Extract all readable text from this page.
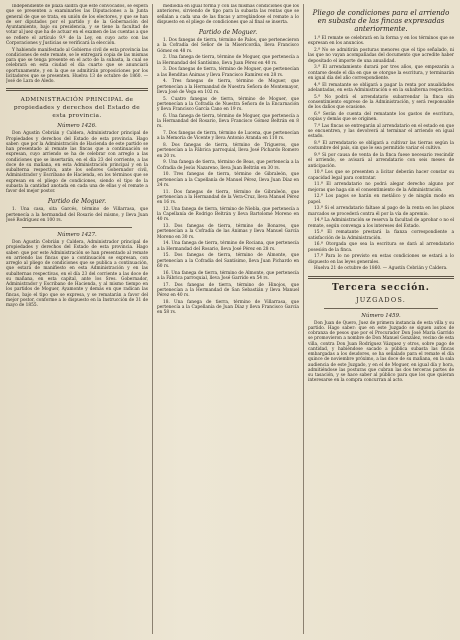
Independiente de plaza saldrá que este convocados, se espera que se presenten a examinarles las Diputaciones a la Junta general de que se trata, en unión de los electores, y que se han de ser diputados por el partido y de la Gobernación del Ayuntamiento, bajo su presidencia, y se tiene la facultad de votar al juez que ha de actuar en el examen de las cuentas a que se refiere el artículo 9.º de la Ley, en cuyo acto con las Corporaciones y Justicias se verificará la elección.

Y habiendo manifestado al Gobierno civil de esta provincia las condiciones de este remate, se le entregará copia de las mismas para que se tenga presente en el acto de la subasta, la cual se celebrará en esta ciudad el día cuarto que se anunciará oportunamente, y en la que se admitirán proposiciones por los licitadores que se presenten. Huelva 13 de octubre de 1860. — José de Lara de Aledo.

ADMINISTRACIÓN PRINCIPAL de propiedades y derechos del Estado de esta provincia.
Número 1426.

Don Agustín Cebrián y Caldera, Administrador principal de Propiedades y derechos del Estado de esta provincia. Hago saber: que por la Administración de Hacienda de este partido se han presentado al remate las fincas que a continuación se expresan, cuyo arriendo se ha de celebrar con arreglo a las condiciones que se insertarán, en el día 23 del corriente, a las doce de su mañana, en esta Administración principal y en la subalterna respectiva, ante los señores Gobernador civil, Administrador y Escribano de Hacienda, en los términos que se expresan en el pliego de condiciones, siendo el tipo de la subasta la cantidad anotada en cada una de ellas y el remate a favor del mejor postor.

Partido de Moguer.

1. Una casa, sita Garcés, término de Villarrasa, que pertenecía a la hermandad del Rosario del mismo, y lleva Juan José Rodríguez en 100 rs.

Número 1427.

Don Agustín Cebrián y Caldera, Administrador principal de propiedades y derechos del Estado de esta provincia. Hago saber: que por este Administración se han presentado al remate en arriendo las fincas que a continuación se expresan, con arreglo al pliego de condiciones que se publica a continuación, que estará de manifiesto en esta Administración y en las subalternas respectivas, en el día 23 del corriente a las doce de su mañana, en esta capital, ante los Sres. Gobernador, Administrador y Escribano de Hacienda, y al mismo tiempo en los partidos de Moguer, Ayamonte y demás en que radican las fincas, bajo el tipo que se expresa, y se rematarán a favor del mejor postor, conforme a lo dispuesto en la Instrucción de 31 de mayo de 1855.

mediodía en igual forma y con las mismas condiciones que los anteriores, sirviendo de tipo para la subasta las rentas que se señalan a cada una de las fincas y arreglándose el remate a lo dispuesto en el pliego de condiciones que al final se inserta.

Partido de Moguer.

1. Dos fanegas de tierra, término de Palos, que pertenecieron a la Cofradía del Señor de la Misericordia, lleva Francisco Gómez en 48 rs.

2. Una fanega de tierra, término de Moguer, que pertenecía a la Hermandad del Santísimo, lleva Juan Pérez en 40 rs.

3. Dos fanegas de tierra, término de Moguer, que pertenecían a las Benditas Ánimas y lleva Francisco Ramírez en 28 rs.

4. Tres fanegas de tierra, término de Moguer, que pertenecían a la Hermandad de Nuestra Señora de Montemayor, lleva José de Vega en 102 rs.

5. Cuatro fanegas de tierra, término de Moguer, que pertenecían a la Cofradía de Nuestra Señora de la Encarnación y lleva Francisco García Cano en 19 rs.

6. Una fanega de tierra, término de Moguer, que pertenecía a la Hermandad del Rosario, lleva Francisco Gómez Beltrán en 8 rs.

7. Dos fanegas de tierra, término de Lucena, que pertenecían a la Memoria de Vicente y lleva Antonio Aranda en 110 rs.

8. Dos fanegas de tierra, término de Trigueros, que pertenecían a la Fábrica parroquial, lleva José Pichardo Romero en 20 rs.

9. Una fanega de tierra, término de Beas, que pertenecía a la Cofradía de Jesús Nazareno, lleva Juan Beltrán en 30 rs.

10. Tres fanegas de tierra, término de Gibraleón, que pertenecían a la Capellanía de Manuel Pérez, lleva Juan Díaz en 24 rs.

11. Dos fanegas de tierra, término de Gibraleón, que pertenecían a la Hermandad de la Vera-Cruz, lleva Manuel Pérez en 16 rs.

12. Una fanega de tierra, término de Niebla, que pertenecía a la Capellanía de Rodrigo Beltrán y lleva Bartolomé Moreno en 40 rs.

13. Dos fanegas de tierra, término de Bonares, que pertenecían a la Cofradía de las Ánimas y lleva Manuel García Moreno en 30 rs.

14. Una fanega de tierra, término de Rociana, que pertenecía a la Hermandad del Rosario, lleva José Pérez en 28 rs.

15. Dos fanegas de tierra, término de Almonte, que pertenecían a la Cofradía del Santísimo, lleva Juan Pichardo en 60 rs.

16. Una fanega de tierra, término de Almonte, que pertenecía a la Fábrica parroquial, lleva José Garrido en 54 rs.

17. Dos fanegas de tierra, término de Hinojos, que pertenecían a la Hermandad de San Sebastián y lleva Manuel Pérez en 40 rs.

18. Una fanega de tierra, término de Villarrasa, que pertenecía a la Capellanía de Juan Díaz y lleva Francisco García en 58 rs.

Pliego de condiciones para el arriendo en subasta de las fincas expresadas anteriormente.

1.ª El remate se celebrará en la forma y en los términos que se expresan en los anuncios.

2.ª No se admitirán posturas menores que el tipo señalado, ni las que no vayan acompañadas del documento que acredite haber depositado el importe de una anualidad.

3.ª El arrendamiento durará por tres años, que empezarán a contarse desde el día en que se otorgue la escritura, y terminarán en igual día del año correspondiente.

4.ª El rematante se obligará a pagar la renta por anualidades adelantadas, en esta Administración o en la subalterna respectiva.

5.ª No podrá el arrendatario subarrendar la finca sin consentimiento expreso de la Administración, y será responsable de los daños que ocasione.

6.ª Serán de cuenta del rematante los gastos de escritura, copias y demás que se originen.

7.ª Las fincas se entregarán al arrendatario en el estado en que se encuentren, y las devolverá al terminar el arriendo en igual estado.

8.ª El arrendatario se obligará a cultivar las tierras según la costumbre del país, sin que le sea permitido variar el cultivo.

9.ª Si por causa de venta de la finca fuese necesario rescindir el arriendo, se avisará al arrendatario con seis meses de anticipación.

10.ª Los que se presenten a licitar deberán hacer constar su capacidad legal para contratar.

11.ª El arrendatario no podrá alegar derecho alguno por mejoras que haga sin el consentimiento de la Administración.

12.ª Los pagos se harán en metálico y de ningún modo en papel.

13.ª Si el arrendatario faltase al pago de la renta en los plazos marcados se procederá contra él por la vía de apremio.

14.ª La Administración se reserva la facultad de aprobar o no el remate, según convenga a los intereses del Estado.

15.ª El rematante prestará la fianza correspondiente a satisfacción de la Administración.

16.ª Otorgada que sea la escritura se dará al arrendatario posesión de la finca.

17.ª Para lo no previsto en estas condiciones se estará a lo dispuesto en las leyes generales.

Huelva 21 de octubre de 1860. — Agustín Cebrián y Caldera.

Tercera sección.
JUZGADOS.
Número 1459.

Don Juan de Quero, Juez de primera instancia de esta villa y su partido. Hago saber: que en este Juzgado se siguen autos de cobranza de pesos que por el Procurador Don José María Garrido se promovieron a nombre de Don Manuel González, vecino de esta villa, contra Don Juan Rodríguez Vázquez y otros, sobre pago de cantidad, y habiéndose sacado a pública subasta las fincas embargadas a los deudores, se ha señalado para el remate el día quince de noviembre próximo, a las doce de su mañana, en la sala audiencia de este Juzgado, y en el de Moguer, en igual día y hora, admitiéndose las posturas que cubran las dos terceras partes de su tasación, y se hace saber al público para que los que quieran interesarse en la compra concurran al acto.
